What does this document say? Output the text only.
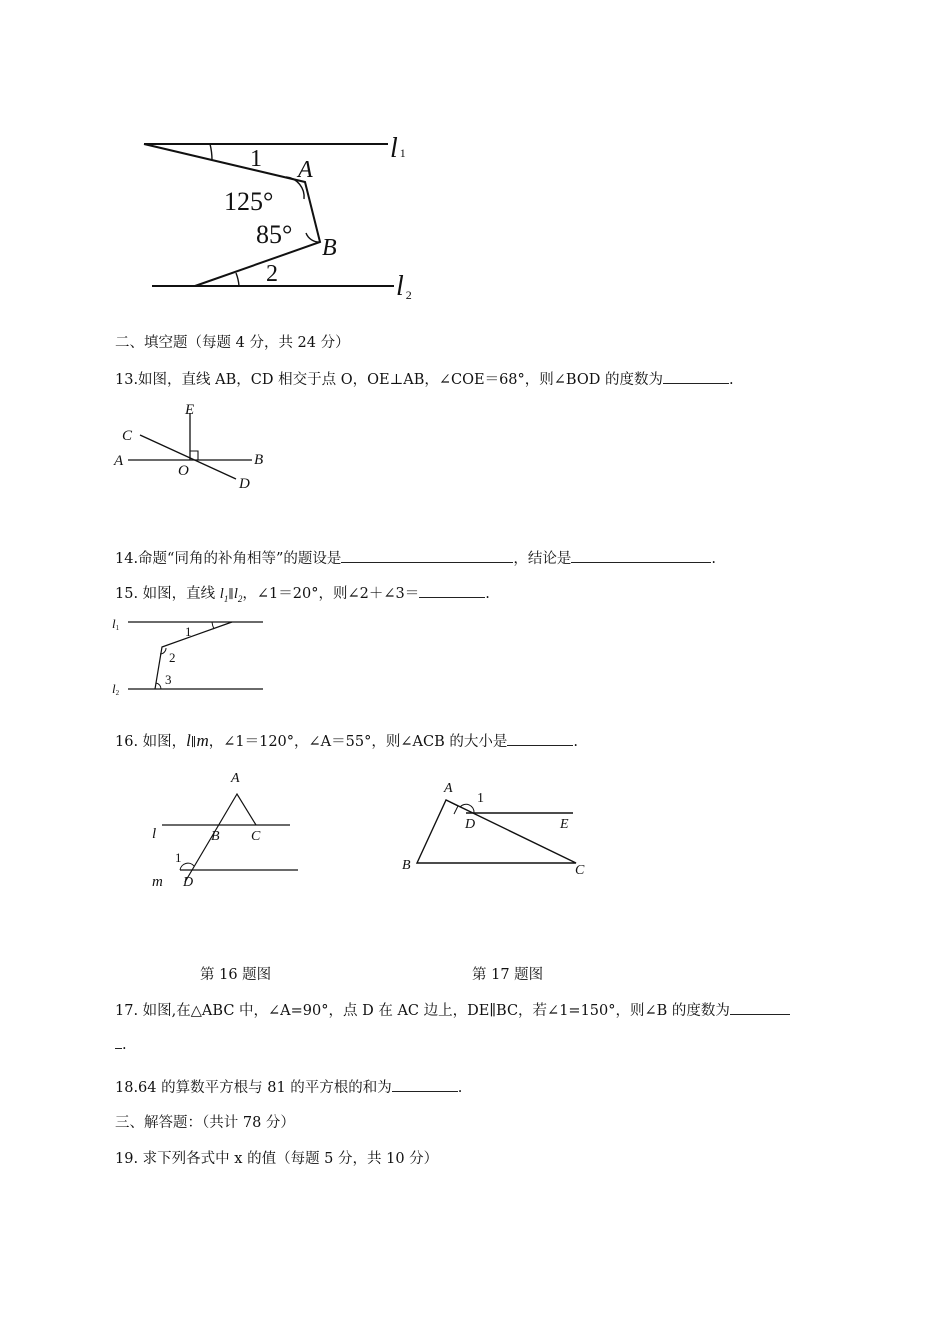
1
125°
A
85° B
2
l 1
l 2
二、填空题（每题 4 分，共 24 分）
13.如图，直线 AB，CD 相交于点 O，OE⊥AB，∠COE＝68°，则∠BOD 的度数为	.
E
C
A
O
B
D
14.命题“同角的补角相等”的题设是	，结论是	.
15. 如图，直线 $l_1\parallel l_2$，∠1＝20°，则∠2＋∠3＝	.
l1
l2
1
2
3
16. 如图，l∥m，∠1＝120°，∠A＝55°，则∠ACB 的大小是	.
A
l	B C
1
m D
A
1
D	E
B	C
第 16 题图	第 17 题图
17. 如图,在△ABC 中，∠A=90°，点 D 在 AC 边上，DE∥BC，若∠1=150°，则∠B 的度数为
.
18.64 的算数平方根与 81 的平方根的和为	.
三、解答题：（共计 78 分）
19. 求下列各式中 x 的值（每题 5 分，共 10 分）
